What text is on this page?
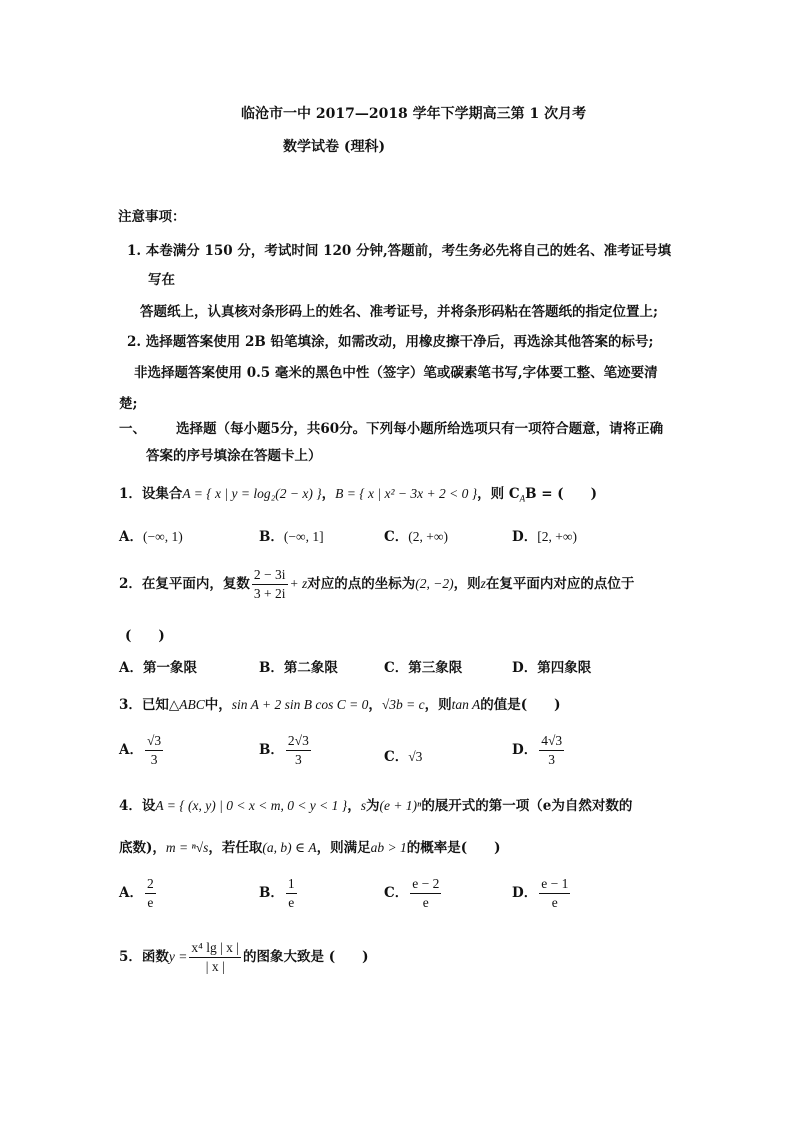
临沧市一中 2017—2018 学年下学期高三第 1 次月考
数学试卷 (理科)
注意事项：
1. 本卷满分 150 分，考试时间 120 分钟,答题前，考生务必先将自己的姓名、准考证号填
写在
答题纸上，认真核对条形码上的姓名、准考证号，并将条形码粘在答题纸的指定位置上;
2. 选择题答案使用 2B 铅笔填涂，如需改动，用橡皮擦干净后，再选涂其他答案的标号;
非选择题答案使用 0.5 毫米的黑色中性（签字）笔或碳素笔书写,字体要工整、笔迹要清
楚;
一、 选择题（每小题5分，共60分。下列每小题所给选项只有一项符合题意，请将正确
答案的序号填涂在答题卡上）
1．设集合A = { x | y = log₂(2 − x) }，B = { x | x² − 3x + 2 < 0 }，则 $C_AB$ = (　　)
A．(−∞, 1)	B．(−∞, 1]	C．(2, +∞)	D．[2, +∞)
2．在复平面内，复数 $\frac{2 - 3i}{3 + 2i} + z$对应的点的坐标为(2, −2)，则z在复平面内对应的点位于
(　　)
A．第一象限	B．第二象限	C．第三象限	D．第四象限
3．已知△ABC中，sin A + 2 sin B cos C = 0，√3b = c，则tan A的值是(　　)
A． $\frac{√3}{3}$	B． $\frac{2√3}{3}$	C．√3	D． $\frac{4√3}{3}$
4．设A = { (x, y) | 0 < x < m, 0 < y < 1 }，s为(e + 1)ⁿ的展开式的第一项（e为自然对数的
底数)，m = ⁿ√s，若任取(a, b) ∈ A，则满足ab > 1的概率是(　　)
A． $\frac{2}{e}$	B． $\frac{1}{e}$	C． $\frac{e - 2}{e}$	D． $\frac{e - 1}{e}$
5．函数$y = \frac{\text{x⁴ lg | x |}}{| x |}$ 的图象大致是 (　　)
